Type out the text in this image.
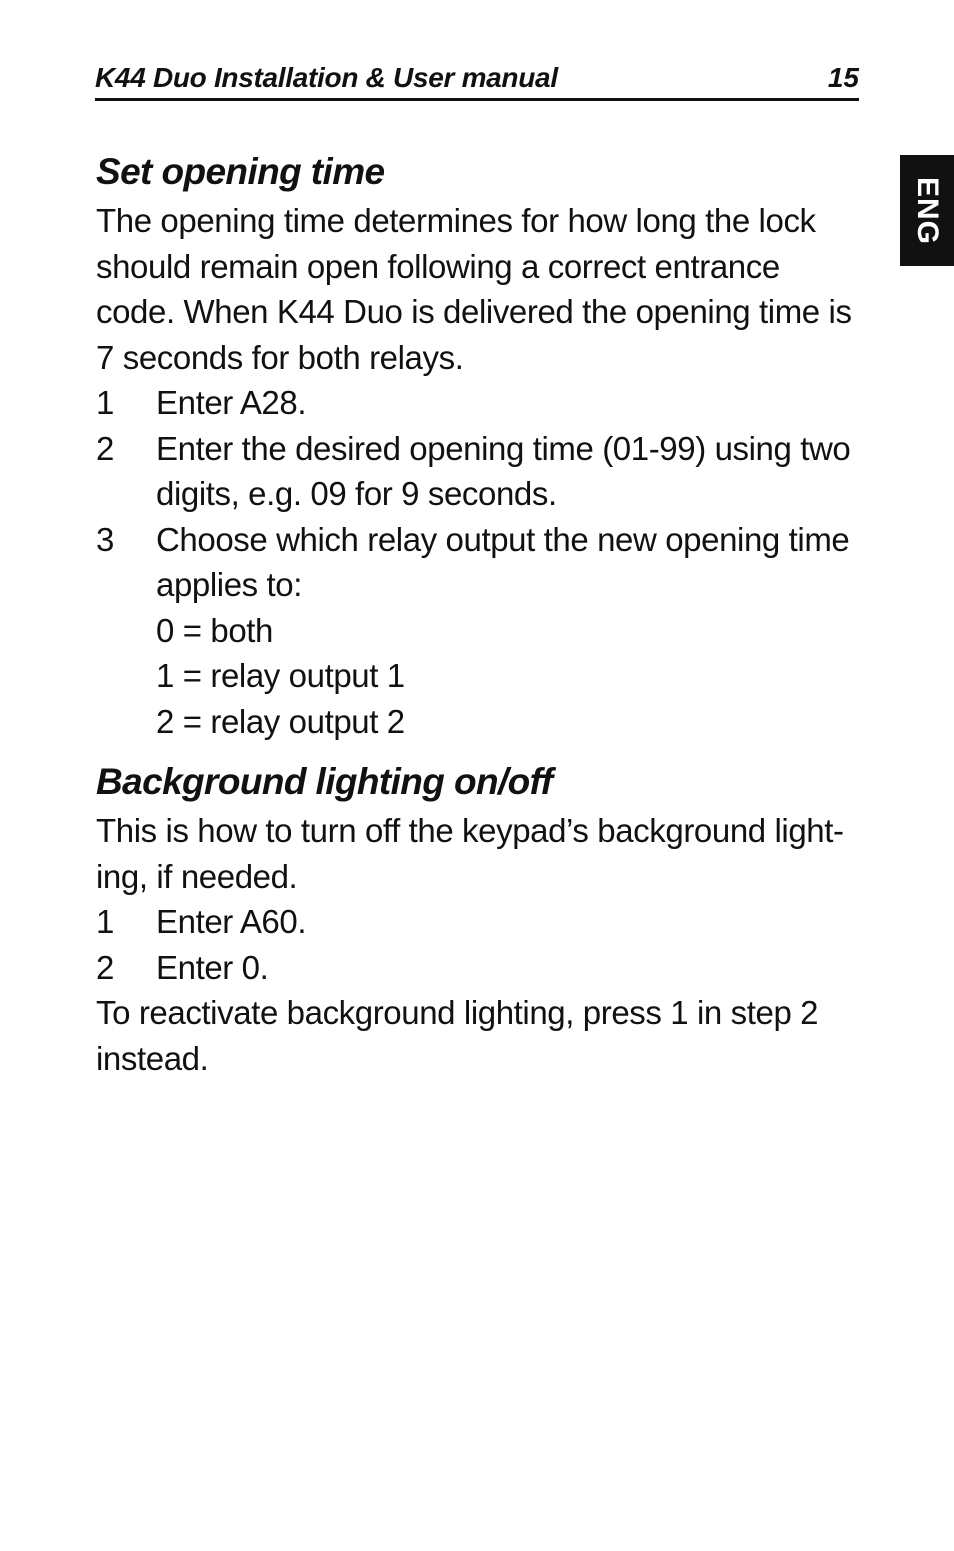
K44 Duo Installation & User manual	15
ENG
Set opening time

The opening time determines for how long the lock should remain open following a correct entrance code. When K44 Duo is delivered the opening time is 7 seconds for both relays.

1 Enter A28.
2 Enter the desired opening time (01-99) using two digits, e.g. 09 for 9 seconds.
3 Choose which relay output the new opening time applies to:
0 = both
1 = relay output 1
2 = relay output 2
Background lighting on/off

This is how to turn off the keypad’s background light-ing, if needed.

1 Enter A60.
2 Enter 0.

To reactivate background lighting, press 1 in step 2 instead.
